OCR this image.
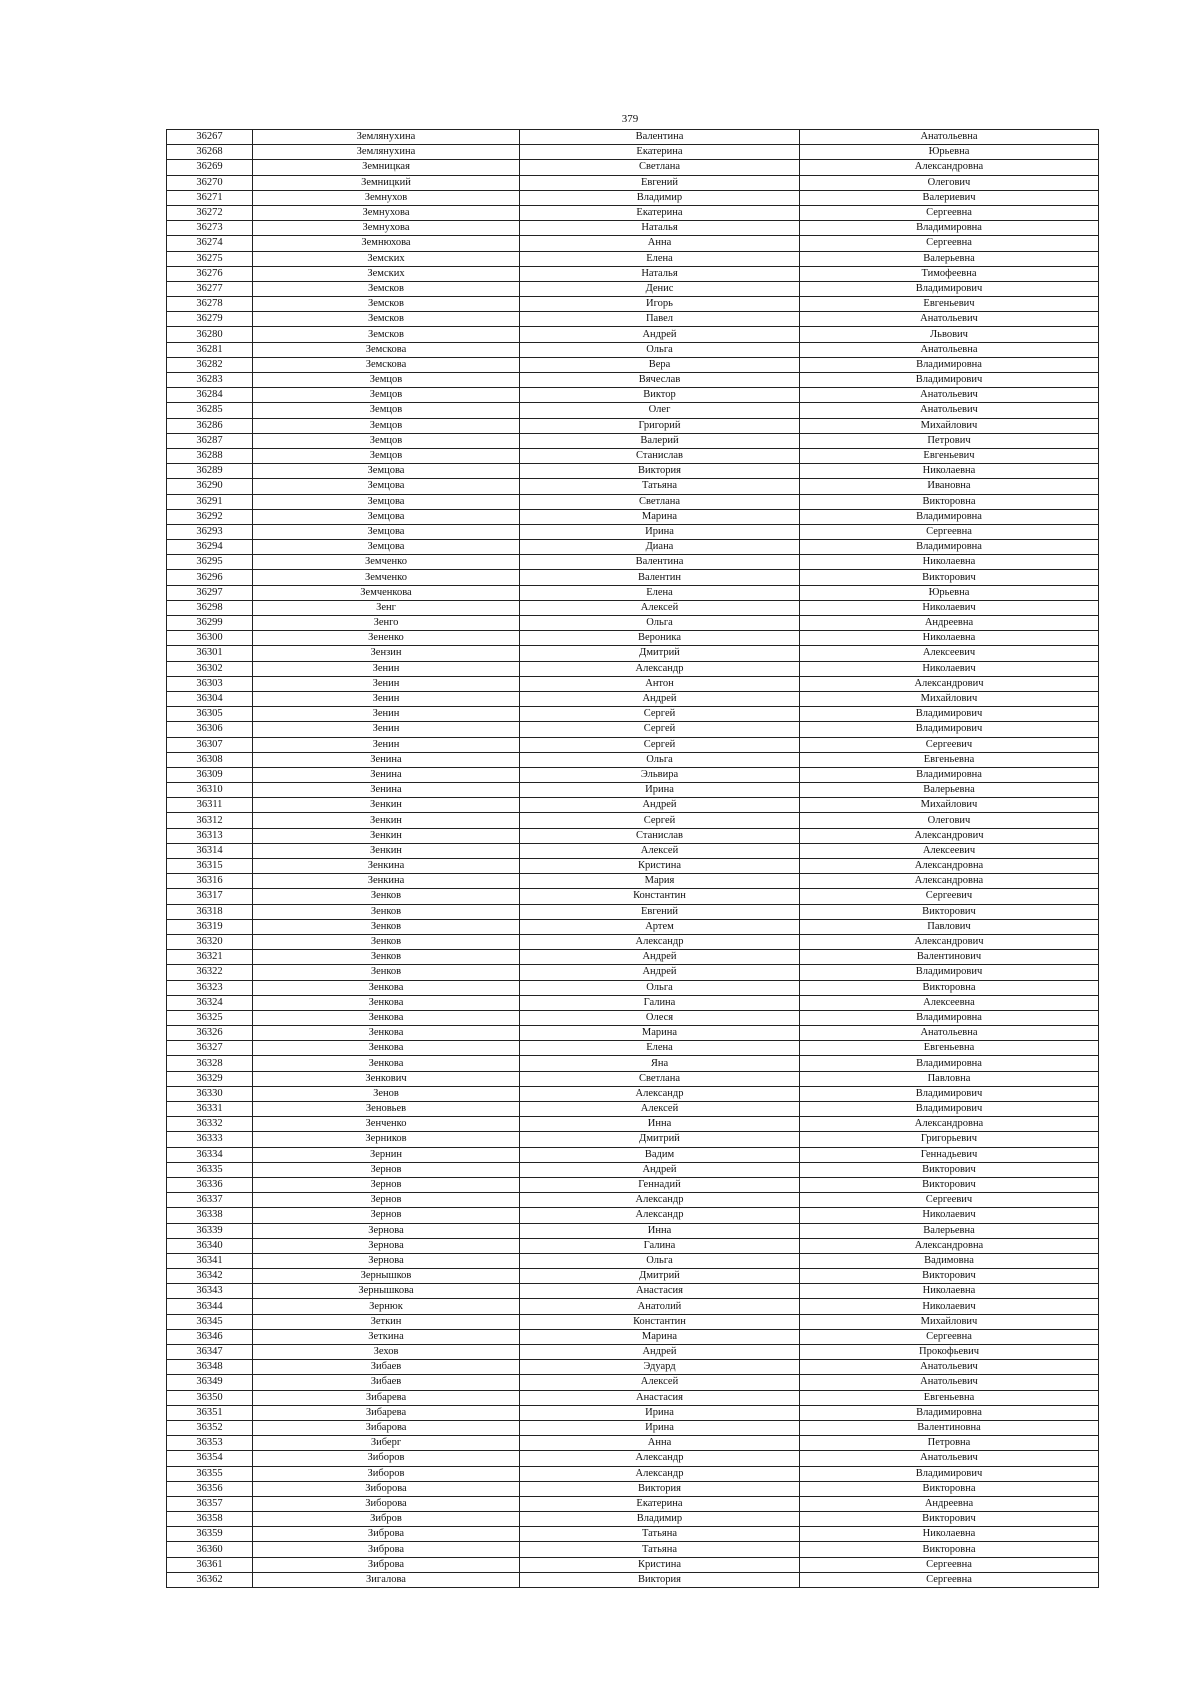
379
36267	Землянухина	Валентина	Анатольевна
36268	Землянухина	Екатерина	Юрьевна
36269	Земницкая	Светлана	Александровна
36270	Земницкий	Евгений	Олегович
36271	Земнухов	Владимир	Валериевич
36272	Земнухова	Екатерина	Сергеевна
36273	Земнухова	Наталья	Владимировна
36274	Земнюхова	Анна	Сергеевна
36275	Земских	Елена	Валерьевна
36276	Земских	Наталья	Тимофеевна
36277	Земсков	Денис	Владимирович
36278	Земсков	Игорь	Евгеньевич
36279	Земсков	Павел	Анатольевич
36280	Земсков	Андрей	Львович
36281	Земскова	Ольга	Анатольевна
36282	Земскова	Вера	Владимировна
36283	Земцов	Вячеслав	Владимирович
36284	Земцов	Виктор	Анатольевич
36285	Земцов	Олег	Анатольевич
36286	Земцов	Григорий	Михайлович
36287	Земцов	Валерий	Петрович
36288	Земцов	Станислав	Евгеньевич
36289	Земцова	Виктория	Николаевна
36290	Земцова	Татьяна	Ивановна
36291	Земцова	Светлана	Викторовна
36292	Земцова	Марина	Владимировна
36293	Земцова	Ирина	Сергеевна
36294	Земцова	Диана	Владимировна
36295	Земченко	Валентина	Николаевна
36296	Земченко	Валентин	Викторович
36297	Земченкова	Елена	Юрьевна
36298	Зенг	Алексей	Николаевич
36299	Зенго	Ольга	Андреевна
36300	Зененко	Вероника	Николаевна
36301	Зензин	Дмитрий	Алексеевич
36302	Зенин	Александр	Николаевич
36303	Зенин	Антон	Александрович
36304	Зенин	Андрей	Михайлович
36305	Зенин	Сергей	Владимирович
36306	Зенин	Сергей	Владимирович
36307	Зенин	Сергей	Сергеевич
36308	Зенина	Ольга	Евгеньевна
36309	Зенина	Эльвира	Владимировна
36310	Зенина	Ирина	Валерьевна
36311	Зенкин	Андрей	Михайлович
36312	Зенкин	Сергей	Олегович
36313	Зенкин	Станислав	Александрович
36314	Зенкин	Алексей	Алексеевич
36315	Зенкина	Кристина	Александровна
36316	Зенкина	Мария	Александровна
36317	Зенков	Константин	Сергеевич
36318	Зенков	Евгений	Викторович
36319	Зенков	Артем	Павлович
36320	Зенков	Александр	Александрович
36321	Зенков	Андрей	Валентинович
36322	Зенков	Андрей	Владимирович
36323	Зенкова	Ольга	Викторовна
36324	Зенкова	Галина	Алексеевна
36325	Зенкова	Олеся	Владимировна
36326	Зенкова	Марина	Анатольевна
36327	Зенкова	Елена	Евгеньевна
36328	Зенкова	Яна	Владимировна
36329	Зенкович	Светлана	Павловна
36330	Зенов	Александр	Владимирович
36331	Зеновьев	Алексей	Владимирович
36332	Зенченко	Инна	Александровна
36333	Зерников	Дмитрий	Григорьевич
36334	Зернин	Вадим	Геннадьевич
36335	Зернов	Андрей	Викторович
36336	Зернов	Геннадий	Викторович
36337	Зернов	Александр	Сергеевич
36338	Зернов	Александр	Николаевич
36339	Зернова	Инна	Валерьевна
36340	Зернова	Галина	Александровна
36341	Зернова	Ольга	Вадимовна
36342	Зернышков	Дмитрий	Викторович
36343	Зернышкова	Анастасия	Николаевна
36344	Зернюк	Анатолий	Николаевич
36345	Зеткин	Константин	Михайлович
36346	Зеткина	Марина	Сергеевна
36347	Зехов	Андрей	Прокофьевич
36348	Зибаев	Эдуард	Анатольевич
36349	Зибаев	Алексей	Анатольевич
36350	Зибарева	Анастасия	Евгеньевна
36351	Зибарева	Ирина	Владимировна
36352	Зибарова	Ирина	Валентиновна
36353	Зиберг	Анна	Петровна
36354	Зиборов	Александр	Анатольевич
36355	Зиборов	Александр	Владимирович
36356	Зиборова	Виктория	Викторовна
36357	Зиборова	Екатерина	Андреевна
36358	Зибров	Владимир	Викторович
36359	Зиброва	Татьяна	Николаевна
36360	Зиброва	Татьяна	Викторовна
36361	Зиброва	Кристина	Сергеевна
36362	Зигалова	Виктория	Сергеевна
